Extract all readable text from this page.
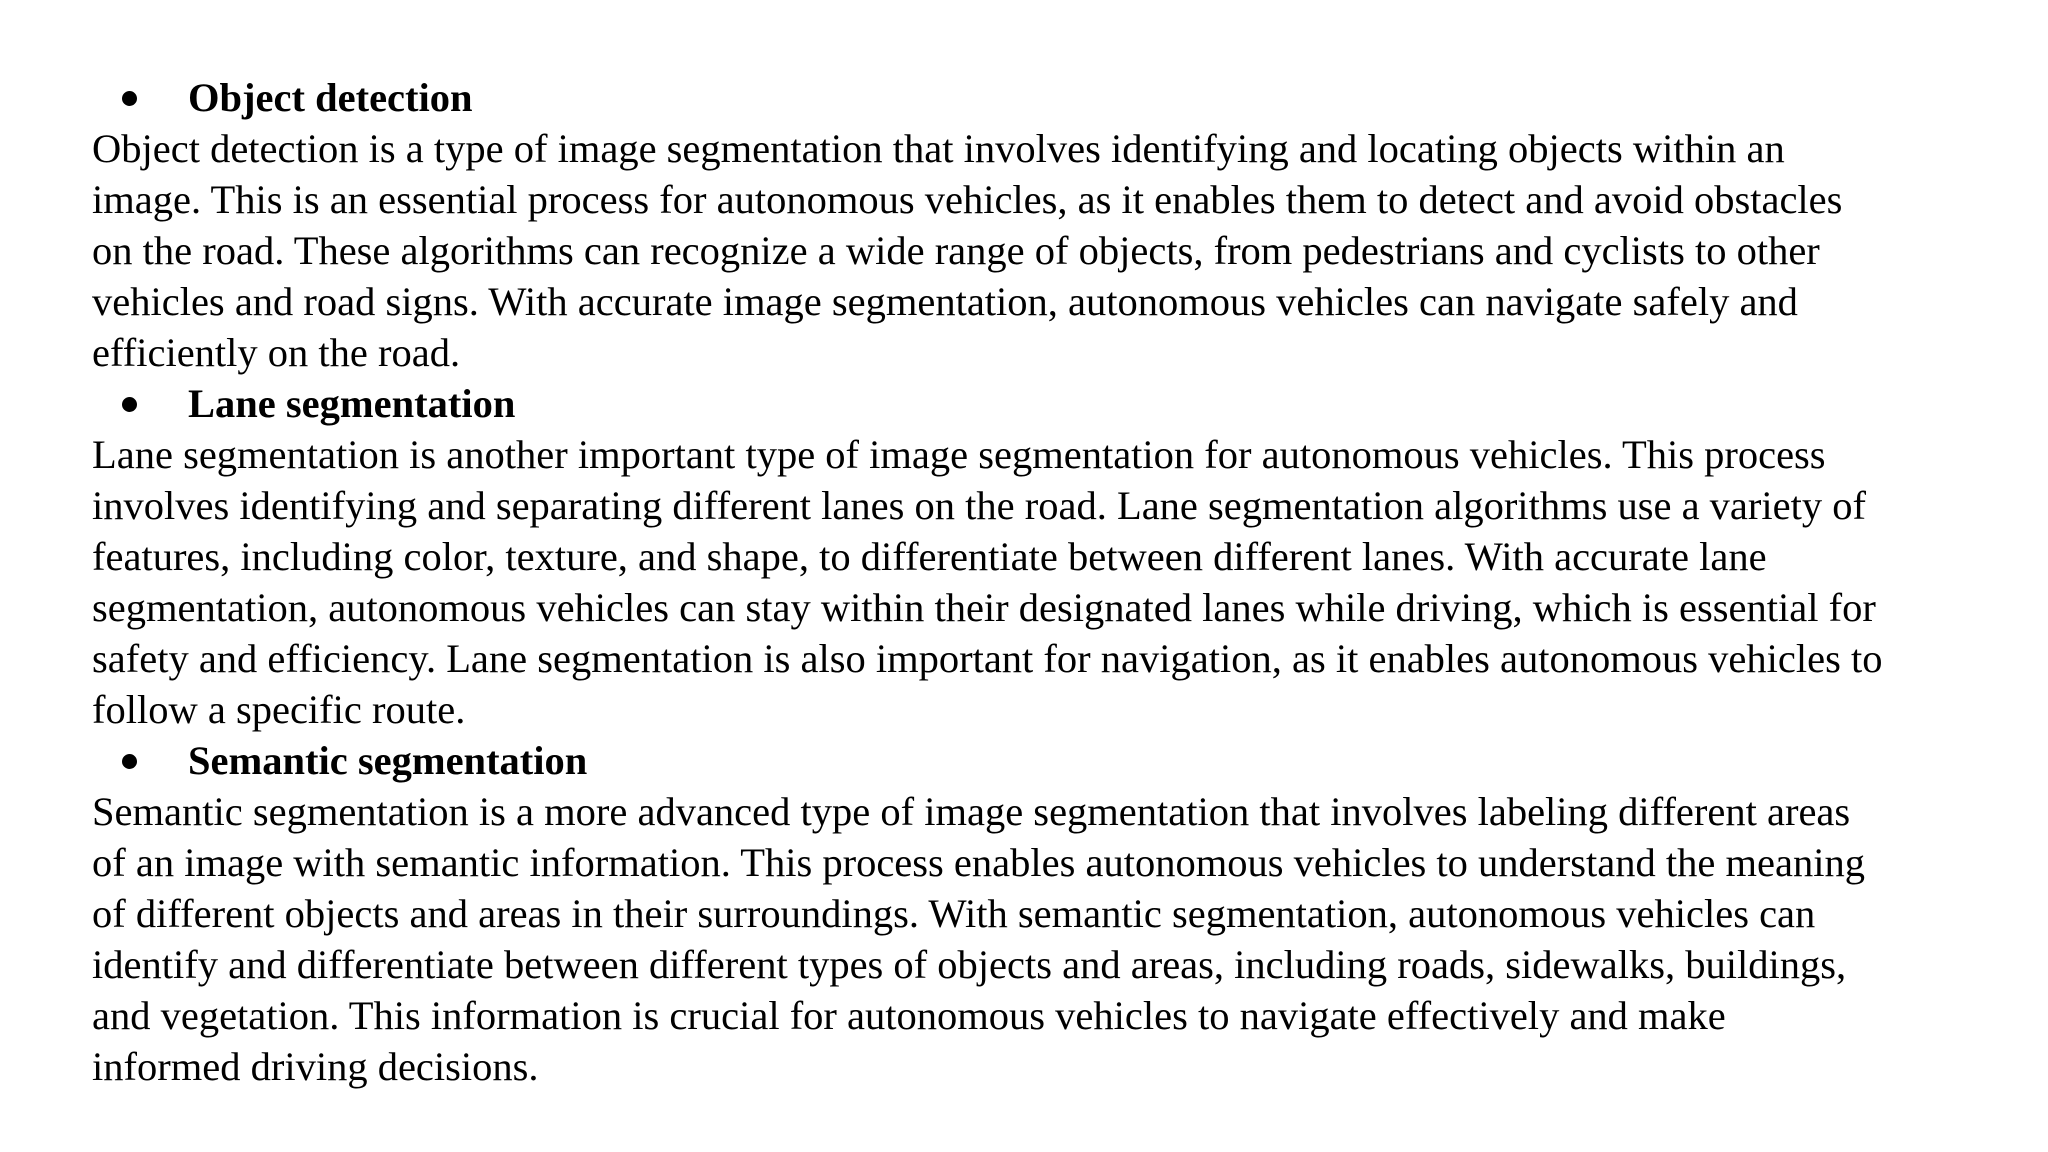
Object detection

Object detection is a type of image segmentation that involves identifying and locating objects within an
image. This is an essential process for autonomous vehicles, as it enables them to detect and avoid obstacles
on the road. These algorithms can recognize a wide range of objects, from pedestrians and cyclists to other
vehicles and road signs. With accurate image segmentation, autonomous vehicles can navigate safely and
efficiently on the road.

Lane segmentation

Lane segmentation is another important type of image segmentation for autonomous vehicles. This process
involves identifying and separating different lanes on the road. Lane segmentation algorithms use a variety of
features, including color, texture, and shape, to differentiate between different lanes. With accurate lane
segmentation, autonomous vehicles can stay within their designated lanes while driving, which is essential for
safety and efficiency. Lane segmentation is also important for navigation, as it enables autonomous vehicles to
follow a specific route.

Semantic segmentation

Semantic segmentation is a more advanced type of image segmentation that involves labeling different areas
of an image with semantic information. This process enables autonomous vehicles to understand the meaning
of different objects and areas in their surroundings. With semantic segmentation, autonomous vehicles can
identify and differentiate between different types of objects and areas, including roads, sidewalks, buildings,
and vegetation. This information is crucial for autonomous vehicles to navigate effectively and make
informed driving decisions.
